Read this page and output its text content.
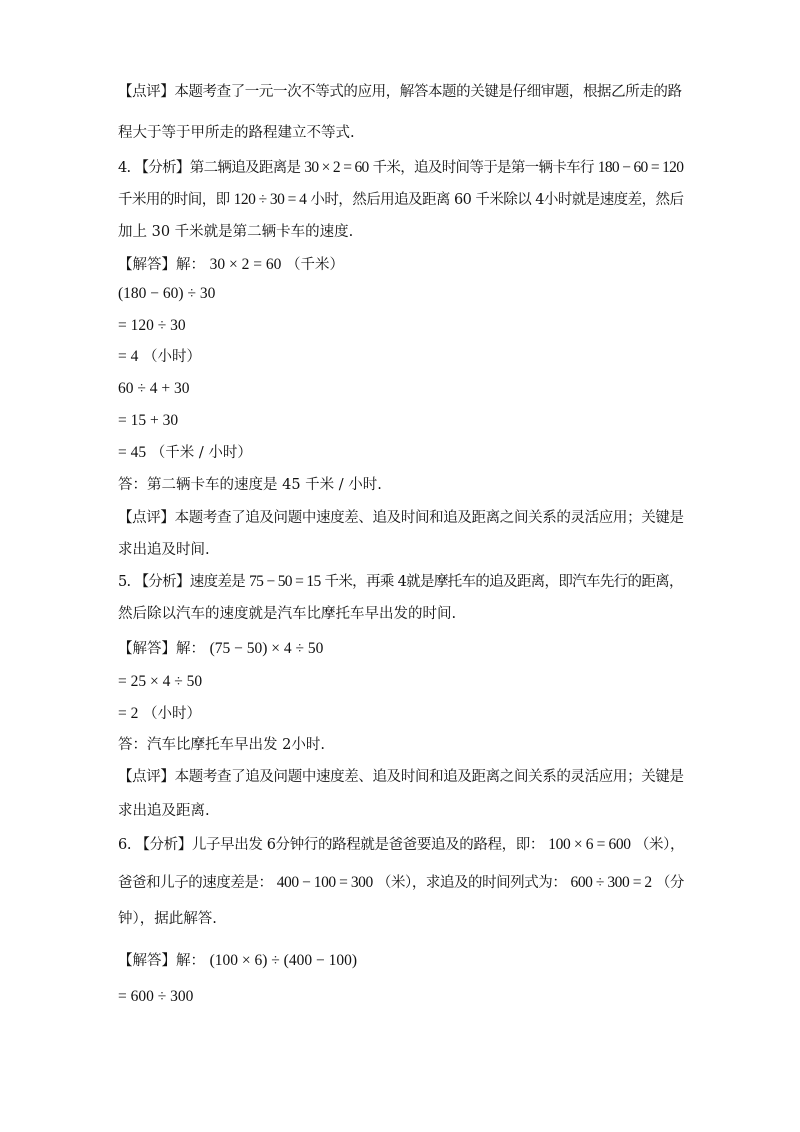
【点评】本题考查了一元一次不等式的应用，解答本题的关键是仔细审题，根据乙所走的路
程大于等于甲所走的路程建立不等式.
4. 【分析】第二辆追及距离是 30 × 2 = 60 千米，追及时间等于是第一辆卡车行 180 − 60 = 120
千米用的时间，即 120 ÷ 30 = 4 小时，然后用追及距离 60 千米除以 4小时就是速度差，然后
加上 30 千米就是第二辆卡车的速度.
【解答】解： 30 × 2 = 60 （千米）
(180 − 60) ÷ 30
= 120 ÷ 30
= 4 （小时）
60 ÷ 4 + 30
= 15 + 30
= 45 （千米 / 小时）
答：第二辆卡车的速度是 45 千米 / 小时.
【点评】本题考查了追及问题中速度差、追及时间和追及距离之间关系的灵活应用；关键是
求出追及时间.
5. 【分析】速度差是 75 − 50 = 15 千米，再乘 4就是摩托车的追及距离，即汽车先行的距离，
然后除以汽车的速度就是汽车比摩托车早出发的时间.
【解答】解： (75 − 50) × 4 ÷ 50
= 25 × 4 ÷ 50
= 2 （小时）
答：汽车比摩托车早出发 2小时.
【点评】本题考查了追及问题中速度差、追及时间和追及距离之间关系的灵活应用；关键是
求出追及距离.
6. 【分析】儿子早出发 6分钟行的路程就是爸爸要追及的路程，即： 100 × 6 = 600 （米），
爸爸和儿子的速度差是： 400 − 100 = 300 （米），求追及的时间列式为： 600 ÷ 300 = 2 （分
钟），据此解答.
【解答】解： (100 × 6) ÷ (400 − 100)
= 600 ÷ 300
